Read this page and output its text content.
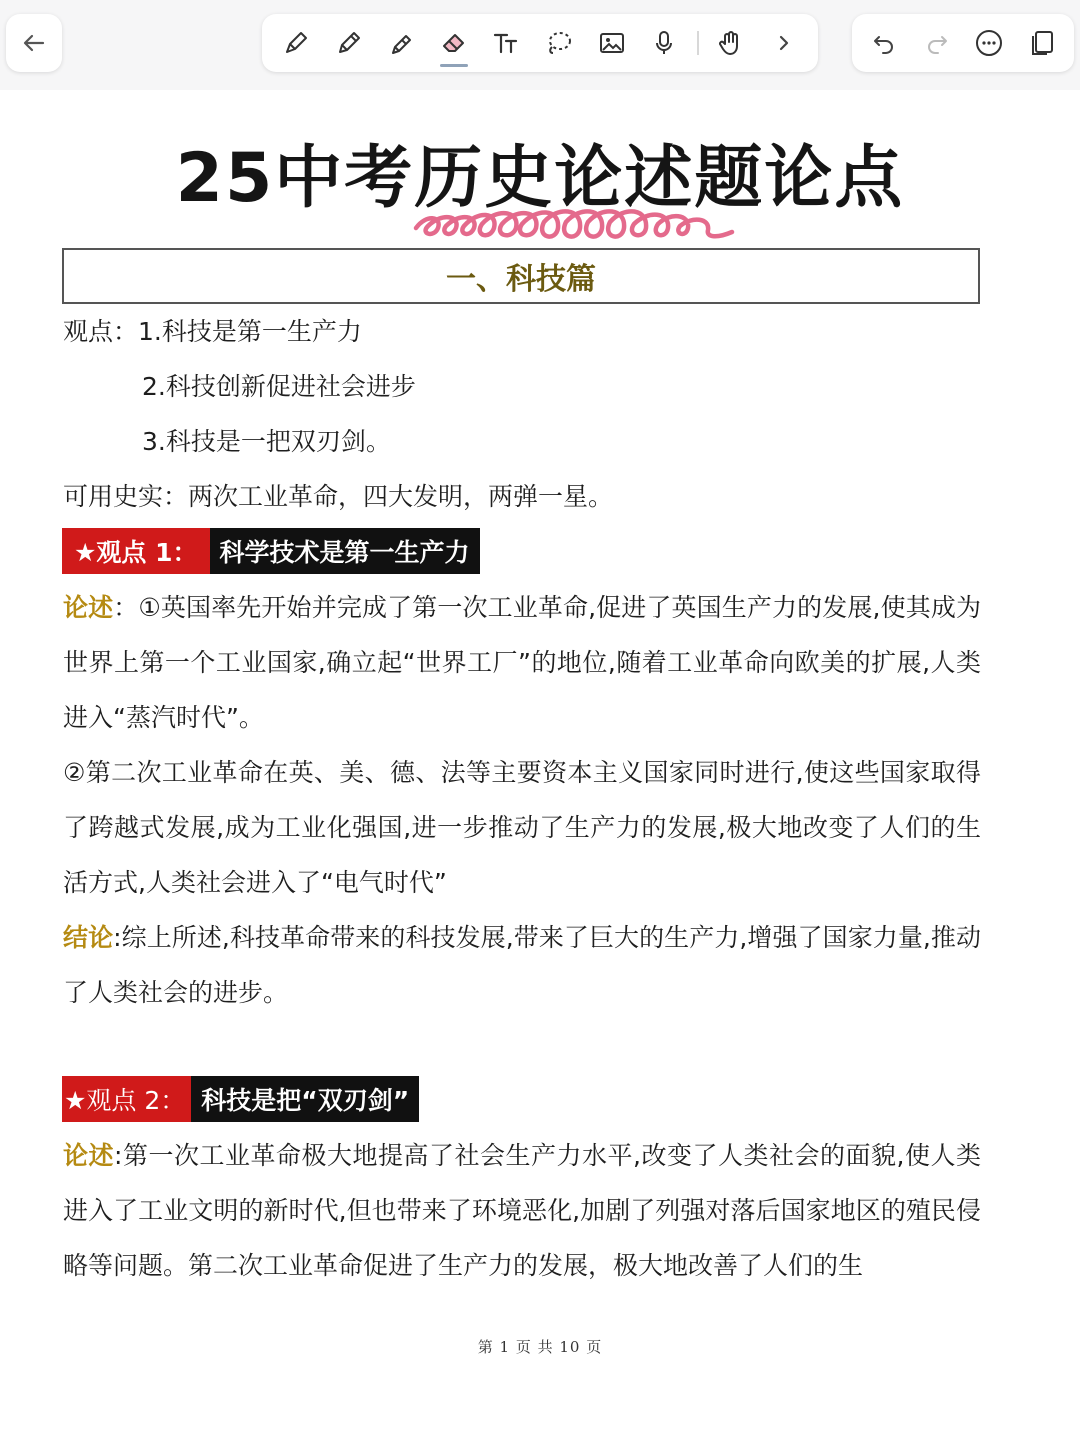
25中考历史论述题论点
一、科技篇
观点：1.科技是第一生产力
2.科技创新促进社会进步
3.科技是一把双刃剑。
可用史实：两次工业革命，四大发明，两弹一星。
★观点 1： 科学技术是第一生产力
论述：①英国率先开始并完成了第一次工业革命,促进了英国生产力的发展,使其成为世界上第一个工业国家,确立起“世界工厂”的地位,随着工业革命向欧美的扩展,人类进入“蒸汽时代”。
②第二次工业革命在英、美、德、法等主要资本主义国家同时进行,使这些国家取得了跨越式发展,成为工业化强国,进一步推动了生产力的发展,极大地改变了人们的生活方式,人类社会进入了“电气时代”
结论:综上所述,科技革命带来的科技发展,带来了巨大的生产力,增强了国家力量,推动了人类社会的进步。
★观点 2： 科技是把“双刃剑”
论述:第一次工业革命极大地提高了社会生产力水平,改变了人类社会的面貌,使人类进入了工业文明的新时代,但也带来了环境恶化,加剧了列强对落后国家地区的殖民侵略等问题。第二次工业革命促进了生产力的发展，极大地改善了人们的生
第 1 页 共 10 页
